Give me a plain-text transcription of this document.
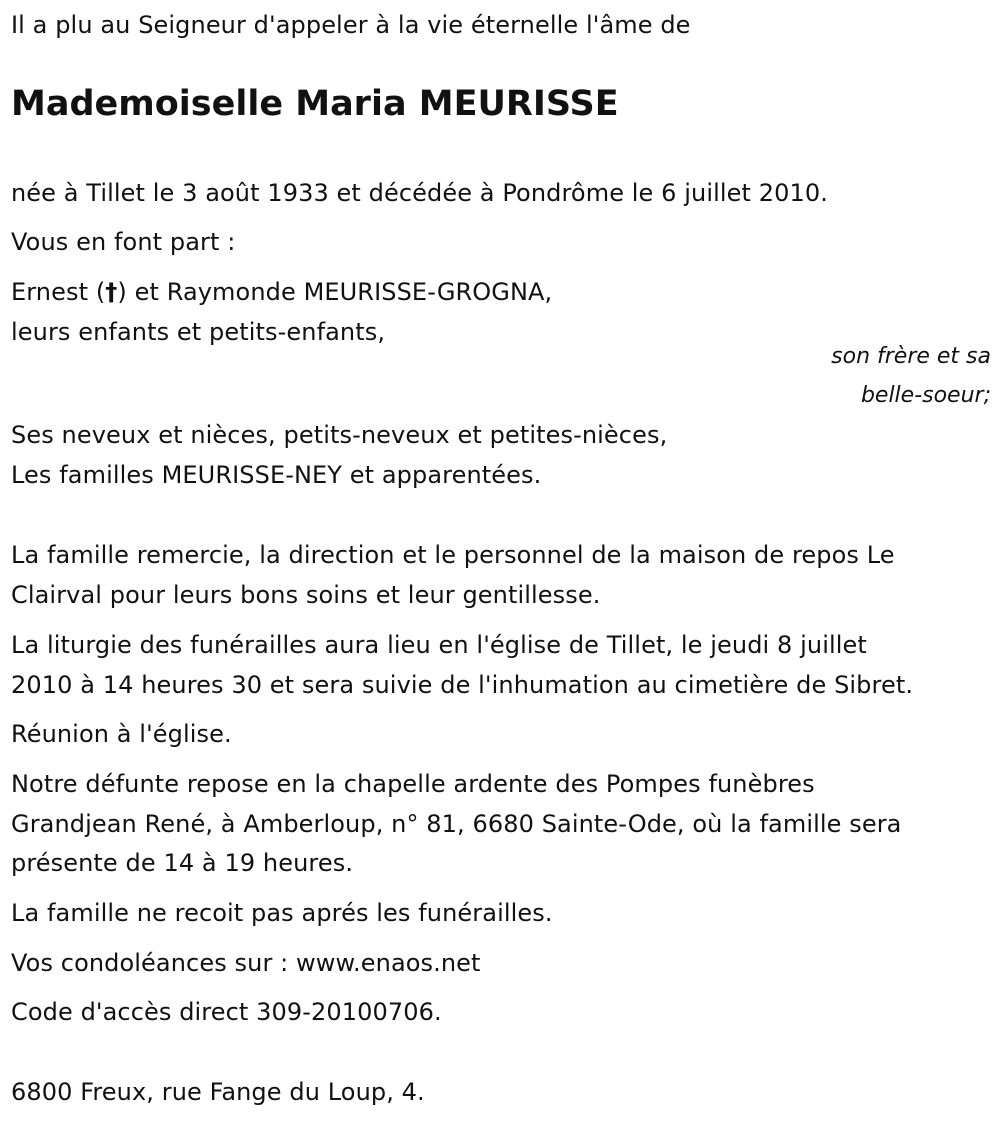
Il a plu au Seigneur d'appeler à la vie éternelle l'âme de
Mademoiselle Maria MEURISSE
née à Tillet le 3 août 1933 et décédée à Pondrôme le 6 juillet 2010.
Vous en font part :
Ernest (†) et Raymonde MEURISSE-GROGNA,
leurs enfants et petits-enfants,
son frère et sa
belle-soeur;
Ses neveux et nièces, petits-neveux et petites-nièces,
Les familles MEURISSE-NEY et apparentées.
La famille remercie, la direction et le personnel de la maison de repos Le
Clairval pour leurs bons soins et leur gentillesse.
La liturgie des funérailles aura lieu en l'église de Tillet, le jeudi 8 juillet
2010 à 14 heures 30 et sera suivie de l'inhumation au cimetière de Sibret.
Réunion à l'église.
Notre défunte repose en la chapelle ardente des Pompes funèbres
Grandjean René, à Amberloup, n° 81, 6680 Sainte-Ode, où la famille sera
présente de 14 à 19 heures.
La famille ne recoit pas aprés les funérailles.
Vos condoléances sur : www.enaos.net
Code d'accès direct 309-20100706.
6800 Freux, rue Fange du Loup, 4.
